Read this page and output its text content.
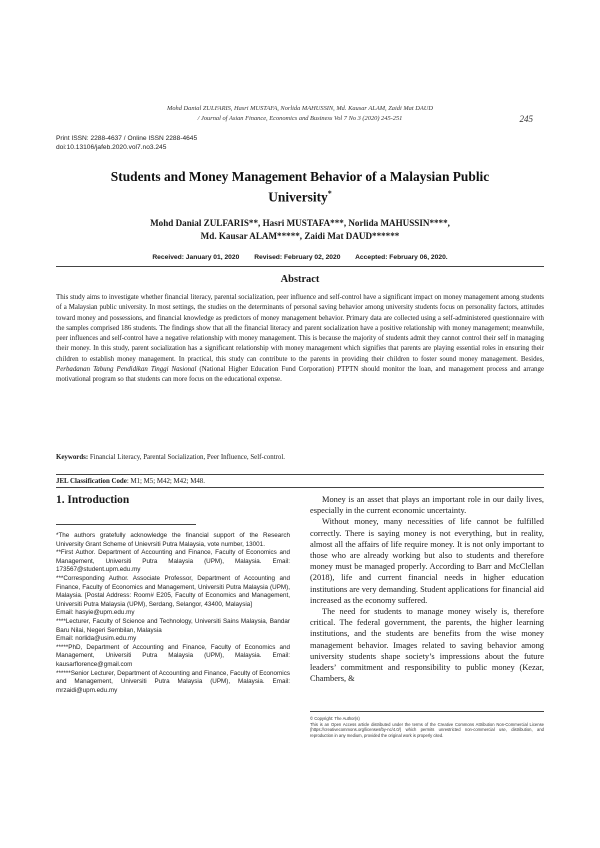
Mohd Danial ZULFARIS, Hasri MUSTAFA, Norlida MAHUSSIN, Md. Kausar ALAM, Zaidi Mat DAUD
/ Journal of Asian Finance, Economics and Business Vol 7 No 3 (2020) 245-251	245
Print ISSN: 2288-4637 / Online ISSN 2288-4645
doi:10.13106/jafeb.2020.vol7.no3.245
Students and Money Management Behavior of a Malaysian Public
University*
Mohd Danial ZULFARIS**, Hasri MUSTAFA***, Norlida MAHUSSIN****,
Md. Kausar ALAM*****, Zaidi Mat DAUD******
Received: January 01, 2020 Revised: February 02, 2020 Accepted: February 06, 2020.
Abstract
This study aims to investigate whether financial literacy, parental socialization, peer influence and self-control have a significant impact on money management among students of a Malaysian public university. In most settings, the studies on the determinants of personal saving behavior among university students focus on personality factors, attitudes toward money and possessions, and financial knowledge as predictors of money management behavior. Primary data are collected using a self-administered questionnaire with the samples comprised 186 students. The findings show that all the financial literacy and parent socialization have a positive relationship with money management; meanwhile, peer influences and self-control have a negative relationship with money management. This is because the majority of students admit they cannot control their self in managing their money. In this study, parent socialization has a significant relationship with money management which signifies that parents are playing essential roles in ensuring their children to establish money management. In practical, this study can contribute to the parents in providing their children to foster sound money management. Besides, Perbadanan Tabung Pendidikan Tinggi Nasional (National Higher Education Fund Corporation) PTPTN should monitor the loan, and management process and arrange motivational program so that students can more focus on the educational expense.
Keywords: Financial Literacy, Parental Socialization, Peer Influence, Self-control.
JEL Classification Code: M1; M5; M42; M42; M48.
1. Introduction

*The authors gratefully acknowledge the financial support of the Research University Grant Scheme of Unievrsiti Putra Malaysia, vote number, 13001.

**First Author. Department of Accounting and Finance, Faculty of Economics and Management, Universiti Putra Malaysia (UPM), Malaysia. Email: 173567@student.upm.edu.my

***Corresponding Author. Associate Professor, Department of Accounting and Finance, Faculty of Economics and Management, Universiti Putra Malaysia (UPM), Malaysia. [Postal Address: Room# E205, Faculty of Economics and Management, Universiti Putra Malaysia (UPM), Serdang, Selangor, 43400, Malaysia]

Email: hasyie@upm.edu.my

****Lecturer, Faculty of Science and Technology, Universiti Sains Malaysia, Bandar Baru Nilai, Negeri Sembilan, Malaysia

Email: norlida@usim.edu.my

*****PhD, Department of Accounting and Finance, Faculty of Economics and Management, Universiti Putra Malaysia (UPM), Malaysia. Email: kausarflorence@gmail.com

******Senior Lecturer, Department of Accounting and Finance, Faculty of Economics and Management, Universiti Putra Malaysia (UPM), Malaysia. Email: mrzaidi@upm.edu.my

Money is an asset that plays an important role in our daily lives, especially in the current economic uncertainty.

Without money, many necessities of life cannot be fulfilled correctly. There is saying money is not everything, but in reality, almost all the affairs of life require money. It is not only important to those who are already working but also to students and therefore money must be managed properly. According to Barr and McClellan (2018), life and current financial needs in higher education institutions are very demanding. Student applications for financial aid increased as the economy suffered.

The need for students to manage money wisely is, therefore critical. The federal government, the parents, the higher learning institutions, and the students are benefits from the wise money management behavior. Images related to saving behavior among university students shape society’s impressions about the future leaders’ commitment and responsibility to public money (Kezar, Chambers, &

© Copyright: The Author(s)

This is an Open Access article distributed under the terms of the Creative Commons Attribution Non-Commercial License (https://creativecommons.org/licenses/by-nc/4.0/) which permits unrestricted non-commercial use, distribution, and reproduction in any medium, provided the original work is properly cited.
